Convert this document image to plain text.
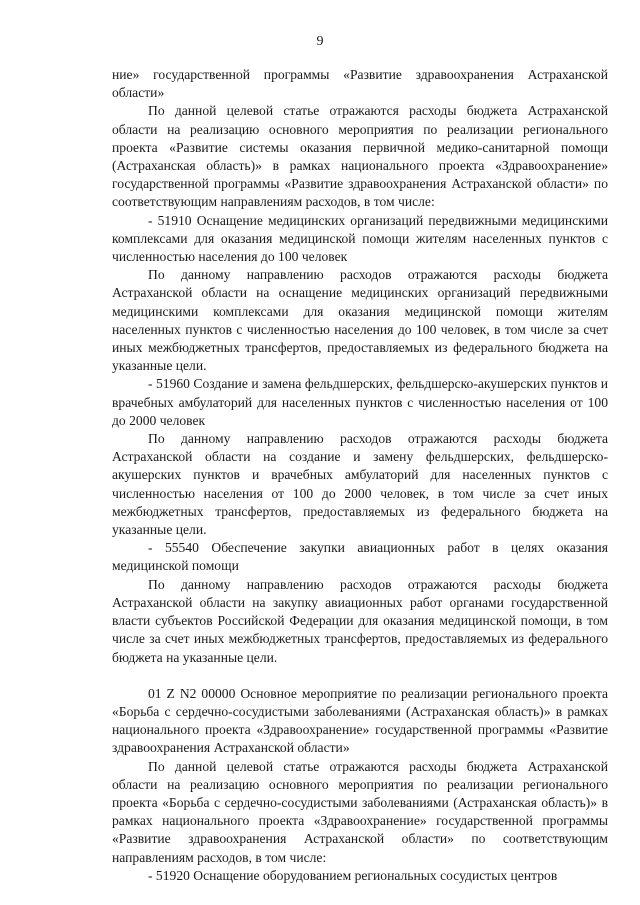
9

ние» государственной программы «Развитие здравоохранения Астраханской области»

По данной целевой статье отражаются расходы бюджета Астраханской области на реализацию основного мероприятия по реализации регионального проекта «Развитие системы оказания первичной медико-санитарной помощи (Астраханская область)» в рамках национального проекта «Здравоохранение» государственной программы «Развитие здравоохранения Астраханской области» по соответствующим направлениям расходов, в том числе:

- 51910 Оснащение медицинских организаций передвижными медицинскими комплексами для оказания медицинской помощи жителям населенных пунктов с численностью населения до 100 человек

По данному направлению расходов отражаются расходы бюджета Астраханской области на оснащение медицинских организаций передвижными медицинскими комплексами для оказания медицинской помощи жителям населенных пунктов с численностью населения до 100 человек, в том числе за счет иных межбюджетных трансфертов, предоставляемых из федерального бюджета на указанные цели.

- 51960 Создание и замена фельдшерских, фельдшерско-акушерских пунктов и врачебных амбулаторий для населенных пунктов с численностью населения от 100 до 2000 человек

По данному направлению расходов отражаются расходы бюджета Астраханской области на создание и замену фельдшерских, фельдшерско-акушерских пунктов и врачебных амбулаторий для населенных пунктов с численностью населения от 100 до 2000 человек, в том числе за счет иных межбюджетных трансфертов, предоставляемых из федерального бюджета на указанные цели.

- 55540 Обеспечение закупки авиационных работ в целях оказания медицинской помощи

По данному направлению расходов отражаются расходы бюджета Астраханской области на закупку авиационных работ органами государственной власти субъектов Российской Федерации для оказания медицинской помощи, в том числе за счет иных межбюджетных трансфертов, предоставляемых из федерального бюджета на указанные цели.

01 Z N2 00000 Основное мероприятие по реализации регионального проекта «Борьба с сердечно-сосудистыми заболеваниями (Астраханская область)» в рамках национального проекта «Здравоохранение» государственной программы «Развитие здравоохранения Астраханской области»

По данной целевой статье отражаются расходы бюджета Астраханской области на реализацию основного мероприятия по реализации регионального проекта «Борьба с сердечно-сосудистыми заболеваниями (Астраханская область)» в рамках национального проекта «Здравоохранение» государственной программы «Развитие здравоохранения Астраханской области» по соответствующим направлениям расходов, в том числе:

- 51920 Оснащение оборудованием региональных сосудистых центров
